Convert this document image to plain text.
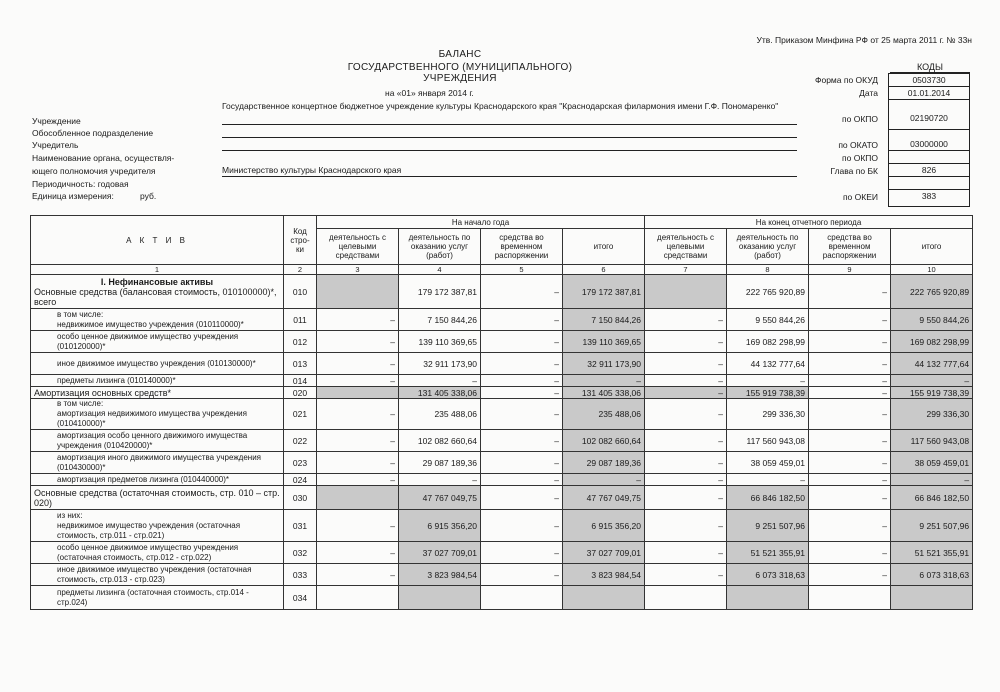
Утв. Приказом Минфина РФ от 25 марта 2011 г. № 33н
БАЛАНС
ГОСУДАРСТВЕННОГО (МУНИЦИПАЛЬНОГО) УЧРЕЖДЕНИЯ
на «01» января 2014 г.
КОДЫ
Форма по ОКУД	0503730
Дата	01.01.2014
по ОКПО	02190720
по ОКАТО	03000000
по ОКПО
Глава по БК	826
по ОКЕИ	383
Учреждение
Обособленное подразделение
Учредитель
Наименование органа, осуществля-
ющего полномочия учредителя
Периодичность: годовая
Единица измерения:
Государственное концертное бюджетное учреждение культуры Краснодарского края "Краснодарская филармония имени Г.Ф. Пономаренко"
Министерство культуры Краснодарского края
руб.
А К Т И В	Код стро-ки	На начало года				На конец отчетного периода			
		деятельность с целевыми средствами	деятельность по оказанию услуг (работ)	средства во временном распоряжении	итого	деятельность с целевыми средствами	деятельность по оказанию услуг (работ)	средства во временном распоряжении	итого
1	2	3	4	5	6	7	8	9	10

I. Нефинансовые активы
Основные средства (балансовая стоимость, 010100000)*, всего	010		179 172 387,81	–	179 172 387,81		222 765 920,89	–	222 765 920,89

в том числе:
недвижимое имущество учреждения (010110000)*	011	–	7 150 844,26	–	7 150 844,26	–	9 550 844,26	–	9 550 844,26

особо ценное движимое имущество учреждения (010120000)*	012	–	139 110 369,65	–	139 110 369,65	–	169 082 298,99	–	169 082 298,99

иное движимое имущество учреждения (010130000)*	013	–	32 911 173,90	–	32 911 173,90	–	44 132 777,64	–	44 132 777,64

предметы лизинга (010140000)*	014	–	–	–	–	–	–	–	–

Амортизация основных средств*	020		131 405 338,06	–	131 405 338,06	–	155 919 738,39	–	155 919 738,39

в том числе:
амортизация недвижимого имущества учреждения (010410000)*	021	–	235 488,06	–	235 488,06	–	299 336,30	–	299 336,30

амортизация особо ценного движимого имущества учреждения (010420000)*	022	–	102 082 660,64	–	102 082 660,64	–	117 560 943,08	–	117 560 943,08

амортизация иного движимого имущества учреждения (010430000)*	023	–	29 087 189,36	–	29 087 189,36	–	38 059 459,01	–	38 059 459,01

амортизация предметов лизинга (010440000)*	024	–	–	–	–	–	–	–	–

Основные средства (остаточная стоимость, стр. 010 – стр. 020)	030		47 767 049,75	–	47 767 049,75	–	66 846 182,50	–	66 846 182,50

из них:
недвижимое имущество учреждения (остаточная стоимость, стр.011 - стр.021)	031	–	6 915 356,20	–	6 915 356,20	–	9 251 507,96	–	9 251 507,96

особо ценное движимое имущество учреждения (остаточная стоимость, стр.012 - стр.022)	032	–	37 027 709,01	–	37 027 709,01	–	51 521 355,91	–	51 521 355,91

иное движимое имущество учреждения (остаточная стоимость, стр.013 - стр.023)	033	–	3 823 984,54	–	3 823 984,54	–	6 073 318,63	–	6 073 318,63

предметы лизинга (остаточная стоимость, стр.014 - стр.024)	034								
